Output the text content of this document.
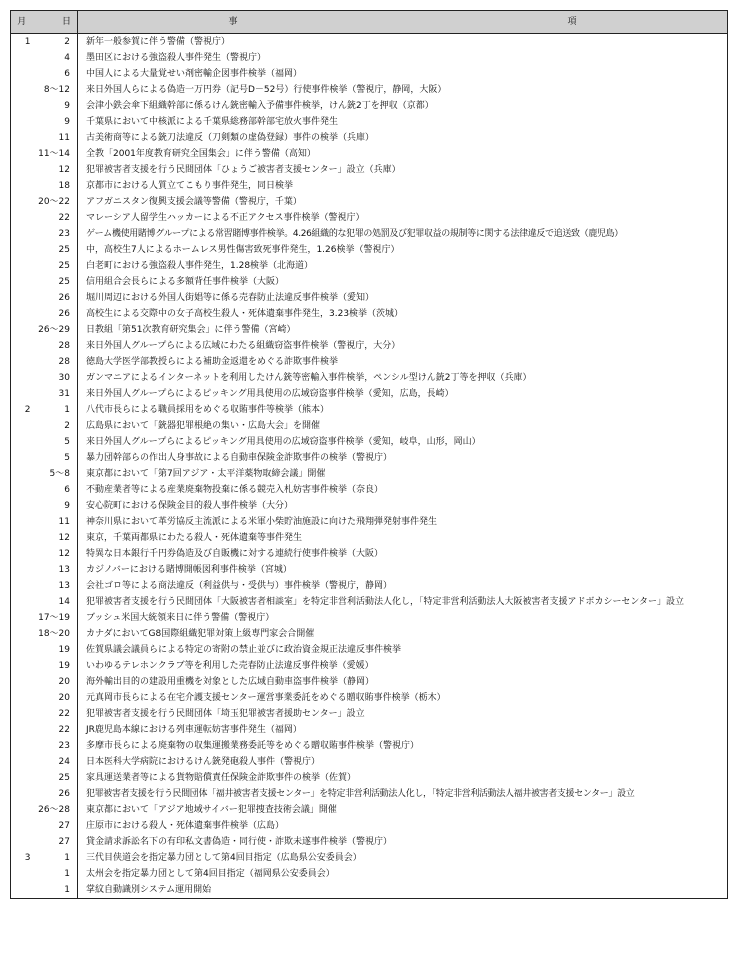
月	日	事 項

1	2	新年一般参賀に伴う警備（警視庁）
	4	墨田区における強盗殺人事件発生（警視庁）
	6	中国人による大量覚せい剤密輸企図事件検挙（福岡）
	8～12	来日外国人らによる偽造一万円券（記号D－52号）行使事件検挙（警視庁，静岡，大阪）
	9	会津小鉄会傘下組織幹部に係るけん銃密輸入予備事件検挙，けん銃2丁を押収（京都）
	9	千葉県において中核派による千葉県総務部幹部宅放火事件発生
	11	古美術商等による銃刀法違反（刀剣類の虚偽登録）事件の検挙（兵庫）
	11～14	全教「2001年度教育研究全国集会」に伴う警備（高知）
	12	犯罪被害者支援を行う民間団体「ひょうご被害者支援センター」設立（兵庫）
	18	京都市における人質立てこもり事件発生，同日検挙
	20～22	アフガニスタン復興支援会議等警備（警視庁，千葉）
	22	マレーシア人留学生ハッカーによる不正アクセス事件検挙（警視庁）
	23	ゲーム機使用賭博グループによる常習賭博事件検挙。4.26組織的な犯罪の処罰及び犯罪収益の規制等に関する法律違反で追送致（鹿児島）
	25	中，高校生7人によるホームレス男性傷害致死事件発生，1.26検挙（警視庁）
	25	白老町における強盗殺人事件発生，1.28検挙（北海道）
	25	信用組合会長らによる多額背任事件検挙（大阪）
	26	堀川周辺における外国人街娼等に係る売春防止法違反事件検挙（愛知）
	26	高校生による交際中の女子高校生殺人・死体遺棄事件発生，3.23検挙（茨城）
	26～29	日教組「第51次教育研究集会」に伴う警備（宮崎）
	28	来日外国人グループらによる広域にわたる組織窃盗事件検挙（警視庁，大分）
	28	徳島大学医学部教授らによる補助金返還をめぐる詐欺事件検挙
	30	ガンマニアによるインターネットを利用したけん銃等密輸入事件検挙，ペンシル型けん銃2丁等を押収（兵庫）
	31	来日外国人グループらによるピッキング用具使用の広域窃盗事件検挙（愛知，広島，長崎）
2	1	八代市長らによる職員採用をめぐる収賄事件等検挙（熊本）
	2	広島県において「銃器犯罪根絶の集い・広島大会」を開催
	5	来日外国人グループらによるピッキング用具使用の広域窃盗事件検挙（愛知，岐阜，山形，岡山）
	5	暴力団幹部らの作出人身事故による自動車保険金詐欺事件の検挙（警視庁）
	5～8	東京都において「第7回アジア・太平洋薬物取締会議」開催
	6	不動産業者等による産業廃棄物投棄に係る競売入札妨害事件検挙（奈良）
	9	安心院町における保険金目的殺人事件検挙（大分）
	11	神奈川県において革労協反主流派による米軍小柴貯油施設に向けた飛翔弾発射事件発生
	12	東京，千葉両都県にわたる殺人・死体遺棄等事件発生
	12	特異な日本銀行千円券偽造及び自販機に対する連続行使事件検挙（大阪）
	13	カジノバーにおける賭博開帳図利事件検挙（宮城）
	13	会社ゴロ等による商法違反（利益供与・受供与）事件検挙（警視庁，静岡）
	14	犯罪被害者支援を行う民間団体「大阪被害者相談室」を特定非営利活動法人化し，「特定非営利活動法人大阪被害者支援アドボカシーセンター」設立
	17～19	ブッシュ米国大統領来日に伴う警備（警視庁）
	18～20	カナダにおいてG8国際組織犯罪対策上級専門家会合開催
	19	佐賀県議会議員らによる特定の寄附の禁止並びに政治資金規正法違反事件検挙
	19	いわゆるテレホンクラブ等を利用した売春防止法違反事件検挙（愛媛）
	20	海外輸出目的の建設用重機を対象とした広域自動車盗事件検挙（静岡）
	20	元真岡市長らによる在宅介護支援センター運営事業委託をめぐる贈収賄事件検挙（栃木）
	22	犯罪被害者支援を行う民間団体「埼玉犯罪被害者援助センター」設立
	22	JR鹿児島本線における列車運転妨害事件発生（福岡）
	23	多摩市長らによる廃棄物の収集運搬業務委託等をめぐる贈収賄事件検挙（警視庁）
	24	日本医科大学病院におけるけん銃発砲殺人事件（警視庁）
	25	家具運送業者等による貨物賠償責任保険金詐欺事件の検挙（佐賀）
	26	犯罪被害者支援を行う民間団体「福井被害者支援センター」を特定非営利活動法人化し，「特定非営利活動法人福井被害者支援センター」設立
	26～28	東京都において「アジア地域サイバー犯罪捜査技術会議」開催
	27	庄原市における殺人・死体遺棄事件検挙（広島）
	27	貸金請求訴訟名下の有印私文書偽造・同行使・詐欺未遂事件検挙（警視庁）
3	1	三代目侠道会を指定暴力団として第4回目指定（広島県公安委員会）
	1	太州会を指定暴力団として第4回目指定（福岡県公安委員会）
	1	掌紋自動識別システム運用開始
